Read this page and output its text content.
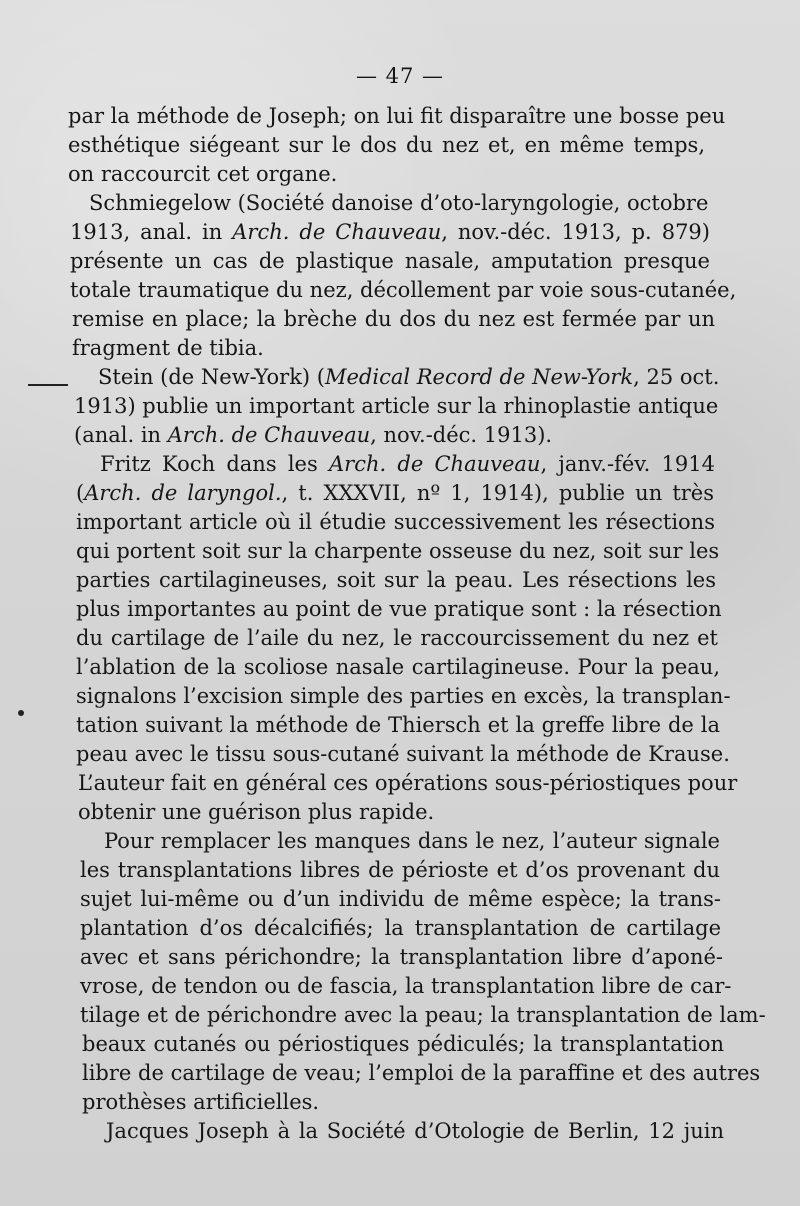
— 47 —
par la méthode de Joseph; on lui fit disparaître une bosse peu
esthétique siégeant sur le dos du nez et, en même temps,
on raccourcit cet organe.
Schmiegelow (Société danoise d’oto-laryngologie, octobre
1913, anal. in Arch. de Chauveau, nov.-déc. 1913, p. 879)
présente un cas de plastique nasale, amputation presque
totale traumatique du nez, décollement par voie sous-cutanée,
remise en place; la brèche du dos du nez est fermée par un
fragment de tibia.
Stein (de New-York) (Medical Record de New-York, 25 oct.
1913) publie un important article sur la rhinoplastie antique
(anal. in Arch. de Chauveau, nov.-déc. 1913).
Fritz Koch dans les Arch. de Chauveau, janv.-fév. 1914
(Arch. de laryngol., t. XXXVII, nº 1, 1914), publie un très
important article où il étudie successivement les résections
qui portent soit sur la charpente osseuse du nez, soit sur les
parties cartilagineuses, soit sur la peau. Les résections les
plus importantes au point de vue pratique sont : la résection
du cartilage de l’aile du nez, le raccourcissement du nez et
l’ablation de la scoliose nasale cartilagineuse. Pour la peau,
signalons l’excision simple des parties en excès, la transplan-
tation suivant la méthode de Thiersch et la greffe libre de la
peau avec le tissu sous-cutané suivant la méthode de Krause.
L’auteur fait en général ces opérations sous-périostiques pour
obtenir une guérison plus rapide.
Pour remplacer les manques dans le nez, l’auteur signale
les transplantations libres de périoste et d’os provenant du
sujet lui-même ou d’un individu de même espèce; la trans-
plantation d’os décalcifiés; la transplantation de cartilage
avec et sans périchondre; la transplantation libre d’aponé-
vrose, de tendon ou de fascia, la transplantation libre de car-
tilage et de périchondre avec la peau; la transplantation de lam-
beaux cutanés ou périostiques pédiculés; la transplantation
libre de cartilage de veau; l’emploi de la paraffine et des autres
prothèses artificielles.
Jacques Joseph à la Société d’Otologie de Berlin, 12 juin
